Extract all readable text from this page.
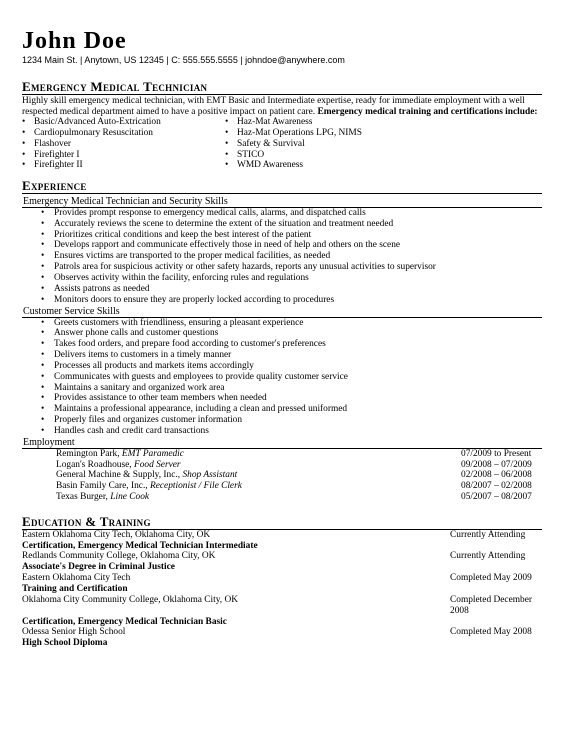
John Doe
1234 Main St. | Anytown, US 12345 | C: 555.555.5555 | johndoe@anywhere.com
Emergency Medical Technician
Highly skill emergency medical technician, with EMT Basic and Intermediate expertise, ready for immediate employment with a well respected medical department aimed to have a positive impact on patient care. Emergency medical training and certifications include:
• Basic/Advanced Auto-Extrication
• Cardiopulmonary Resuscitation
• Flashover
• Firefighter I
• Firefighter II
• Haz-Mat Awareness
• Haz-Mat Operations LPG, NIMS
• Safety & Survival
• STICO
• WMD Awareness
Experience
Emergency Medical Technician and Security Skills
• Provides prompt response to emergency medical calls, alarms, and dispatched calls
• Accurately reviews the scene to determine the extent of the situation and treatment needed
• Prioritizes critical conditions and keep the best interest of the patient
• Develops rapport and communicate effectively those in need of help and others on the scene
• Ensures victims are transported to the proper medical facilities, as needed
• Patrols area for suspicious activity or other safety hazards, reports any unusual activities to supervisor
• Observes activity within the facility, enforcing rules and regulations
• Assists patrons as needed
• Monitors doors to ensure they are properly locked according to procedures
Customer Service Skills
• Greets customers with friendliness, ensuring a pleasant experience
• Answer phone calls and customer questions
• Takes food orders, and prepare food according to customer's preferences
• Delivers items to customers in a timely manner
• Processes all products and markets items accordingly
• Communicates with guests and employees to provide quality customer service
• Maintains a sanitary and organized work area
• Provides assistance to other team members when needed
• Maintains a professional appearance, including a clean and pressed uniformed
• Properly files and organizes customer information
• Handles cash and credit card transactions
Employment
Remington Park, EMT Paramedic	07/2009 to Present
Logan's Roadhouse, Food Server	09/2008 – 07/2009
General Machine & Supply, Inc., Shop Assistant	02/2008 – 06/2008
Basin Family Care, Inc., Receptionist / File Clerk	08/2007 – 02/2008
Texas Burger, Line Cook	05/2007 – 08/2007
Education & Training
Eastern Oklahoma City Tech, Oklahoma City, OK	Currently Attending
Certification, Emergency Medical Technician Intermediate
Redlands Community College, Oklahoma City, OK	Currently Attending
Associate's Degree in Criminal Justice
Eastern Oklahoma City Tech	Completed May 2009
Training and Certification
Oklahoma City Community College, Oklahoma City, OK	Completed December 2008
Certification, Emergency Medical Technician Basic
Odessa Senior High School	Completed May 2008
High School Diploma
